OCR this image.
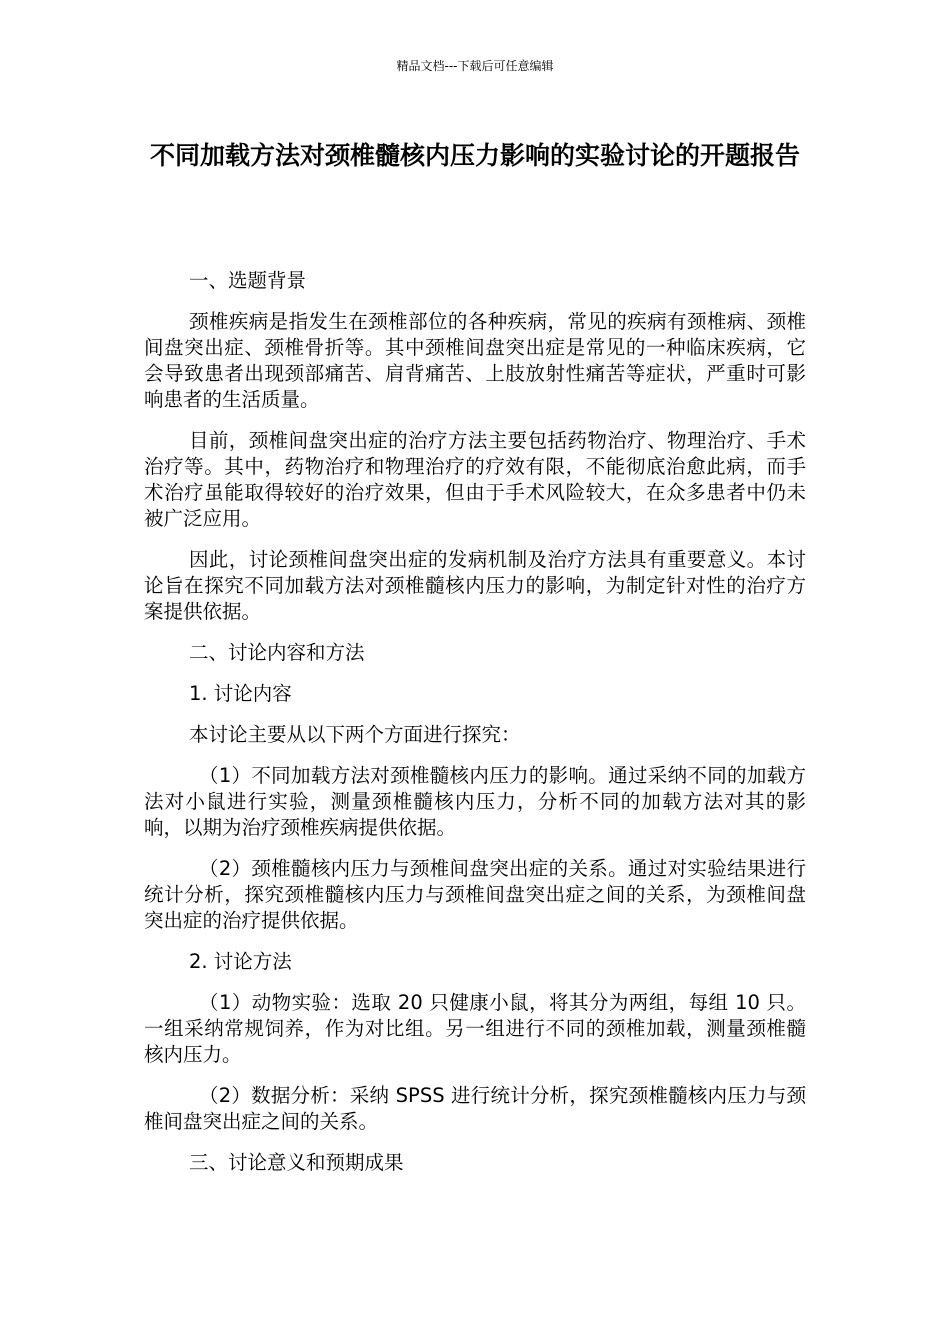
精品文档---下载后可任意编辑
不同加载方法对颈椎髓核内压力影响的实验讨论的开题报告
一、选题背景

颈椎疾病是指发生在颈椎部位的各种疾病，常见的疾病有颈椎病、颈椎间盘突出症、颈椎骨折等。其中颈椎间盘突出症是常见的一种临床疾病，它会导致患者出现颈部痛苦、肩背痛苦、上肢放射性痛苦等症状，严重时可影响患者的生活质量。

目前，颈椎间盘突出症的治疗方法主要包括药物治疗、物理治疗、手术治疗等。其中，药物治疗和物理治疗的疗效有限，不能彻底治愈此病，而手术治疗虽能取得较好的治疗效果，但由于手术风险较大，在众多患者中仍未被广泛应用。

因此，讨论颈椎间盘突出症的发病机制及治疗方法具有重要意义。本讨论旨在探究不同加载方法对颈椎髓核内压力的影响，为制定针对性的治疗方案提供依据。

二、讨论内容和方法
1. 讨论内容
本讨论主要从以下两个方面进行探究：

（1）不同加载方法对颈椎髓核内压力的影响。通过采纳不同的加载方法对小鼠进行实验，测量颈椎髓核内压力，分析不同的加载方法对其的影响，以期为治疗颈椎疾病提供依据。

（2）颈椎髓核内压力与颈椎间盘突出症的关系。通过对实验结果进行统计分析，探究颈椎髓核内压力与颈椎间盘突出症之间的关系，为颈椎间盘突出症的治疗提供依据。

2. 讨论方法

（1）动物实验：选取 20 只健康小鼠，将其分为两组，每组 10 只。一组采纳常规饲养，作为对比组。另一组进行不同的颈椎加载，测量颈椎髓核内压力。

（2）数据分析：采纳 SPSS 进行统计分析，探究颈椎髓核内压力与颈椎间盘突出症之间的关系。

三、讨论意义和预期成果
